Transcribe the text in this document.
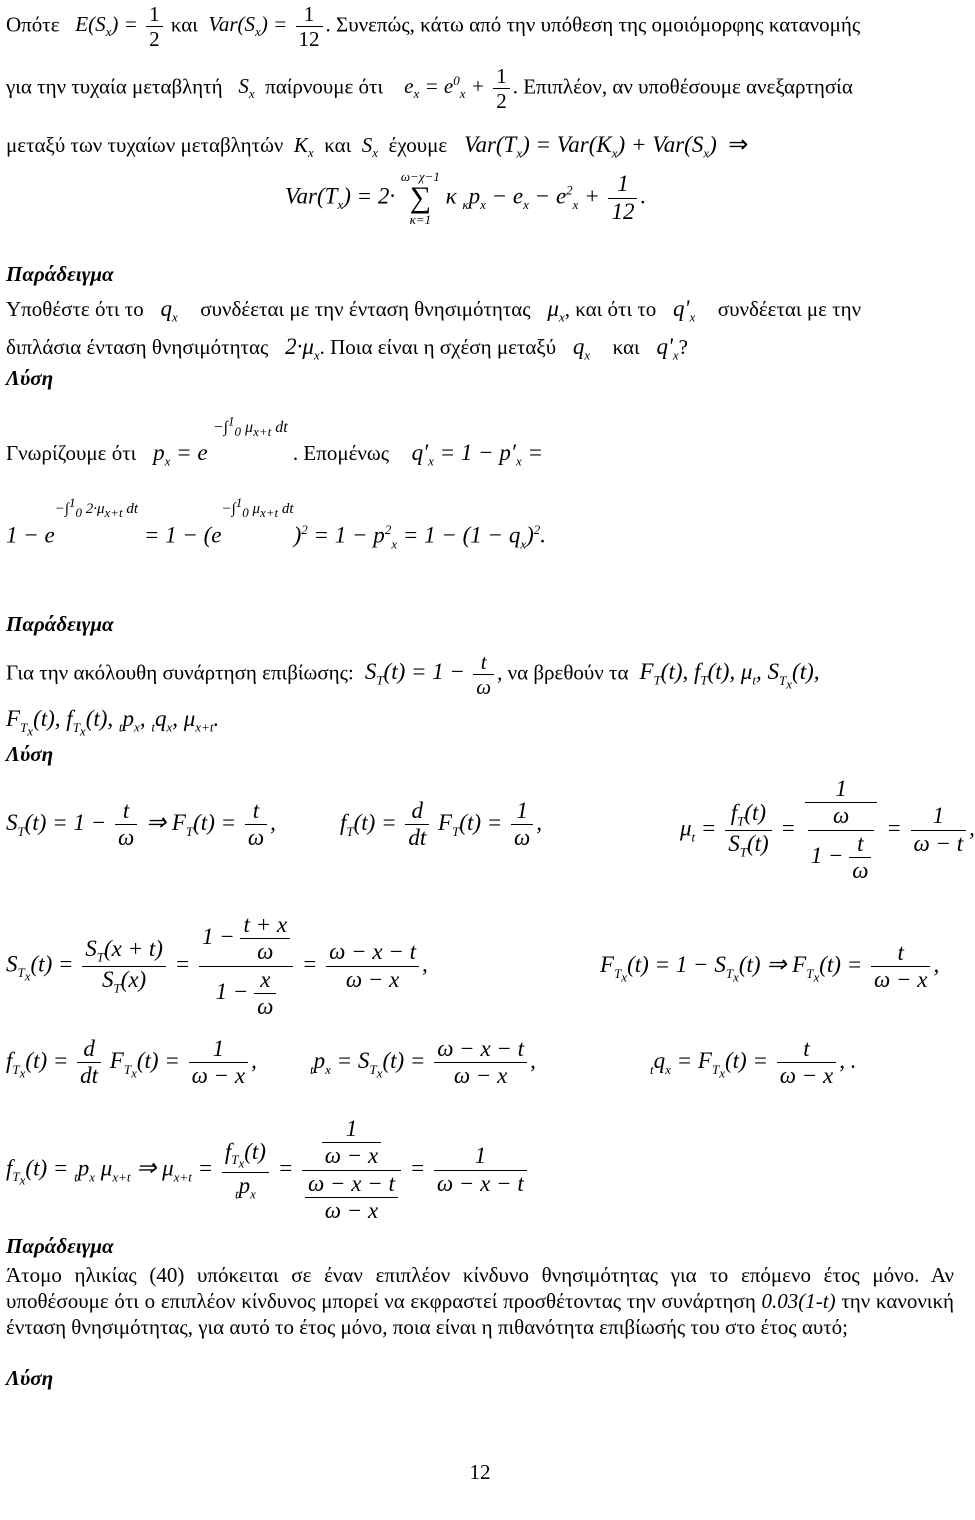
Οπότε   $E(S_x) = \frac{1}{2}$ και  $Var(S_x) = \frac{1}{12}$ . Συνεπώς, κάτω από την υπόθεση της ομοιόμορφης κατανομής
για την τυχαία μεταβλητή   $S_x$ παίρνουμε ότι    $e_x = e^0_x + \frac{1}{2}$ . Επιπλέον, αν υποθέσουμε ανεξαρτησία
μεταξύ των τυχαίων μεταβλητών  $K_x$ και  $S_x$ έχουμε   $Var(T_x) = Var(K_x) + Var(S_x)$  ⇒
$Var(T_x) = 2\cdot \omega-\chi-1$
∑
κ=1 κ $_\kappa p_x - e_x - e^2_x + \frac{1}{12}$ .
Παράδειγμα
Υποθέστε ότι το   $q_x$ συνδέεται με την ένταση θνησιμότητας   $\mu_x$, και ότι το   $q'_x$ συνδέεται με την
διπλάσια ένταση θνησιμότητας   $2\cdot\mu_x$. Ποια είναι η σχέση μεταξύ   $q_x$ και   $q'_x$?
Λύση
Γνωρίζουμε ότι   $p_x = e$ $^{-\int^1_0 \mu_{x+t} dt}$ . Επομένως    $q'_x = 1 - p'_x$ =
$1 - e^{-\int^1_0 2\cdot\mu_{x+t} dt} = 1 - (e^{-\int^1_0 \mu_{x+t} dt})^2 = 1 - p^2_x = 1 - (1 - q_x)^2$.
Παράδειγμα
Για την ακόλουθη συνάρτηση επιβίωσης:  $S_T(t) = 1 - \frac{t}{\omega}$ , να βρεθούν τα  $F_T(t)$, $f_T(t)$, $\mu_t$, $S_{T_x}(t)$,
$F_{T_x}(t)$, $f_{T_x}(t)$, $_tp_x$, $_tq_x$, $\mu_{x+t}$.
Λύση
$S_T(t) = 1 - \frac{t}{\omega}$ ⇒ $F_T(t) = \frac{t}{\omega}$ ,	$f_T(t) = \frac{d}{dt} F_T(t) = \frac{1}{\omega}$ ,	$\mu_t = \frac{f_T(t)}{S_T(t)} = \frac{1}{\frac{\omega}{1 - \frac{t}{\omega}}} = \frac{1}{\omega - t}$ ,
$S_{T_x}(t) = \frac{S_T(x + t)}{S_T(x)} = \frac{1 - \frac{t + x}{\omega}}{1 - \frac{x}{\omega}} = \frac{\omega - x - t}{\omega - x}$ ,	$F_{T_x}(t) = 1 - S_{T_x}(t)$ ⇒ $F_{T_x}(t) = \frac{t}{\omega - x}$ ,
$f_{T_x}(t) = \frac{d}{dt} F_{T_x}(t) = \frac{1}{\omega - x}$ ,	$_tp_x = S_{T_x}(t) = \frac{\omega - x - t}{\omega - x}$ ,	$_tq_x = F_{T_x}(t) = \frac{t}{\omega - x}$ , .
$f_{T_x}(t) = _tp_x$ $\mu_{x+t}$ ⇒ $\mu_{x+t} = \frac{f_{T_x}(t)}{_tp_x} = \frac{\frac{1}{\omega - x}}{\frac{\omega - x - t}{\omega - x}} = \frac{1}{\omega - x - t}$
Παράδειγμα
Άτομο ηλικίας (40) υπόκειται σε έναν επιπλέον κίνδυνο θνησιμότητας για το επόμενο έτος μόνο. Αν υποθέσουμε ότι ο επιπλέον κίνδυνος μπορεί να εκφραστεί προσθέτοντας την συνάρτηση 0.03(1-t) την κανονική ένταση θνησιμότητας, για αυτό το έτος μόνο, ποια είναι η πιθανότητα επιβίωσής του στο έτος αυτό;
Λύση
12
